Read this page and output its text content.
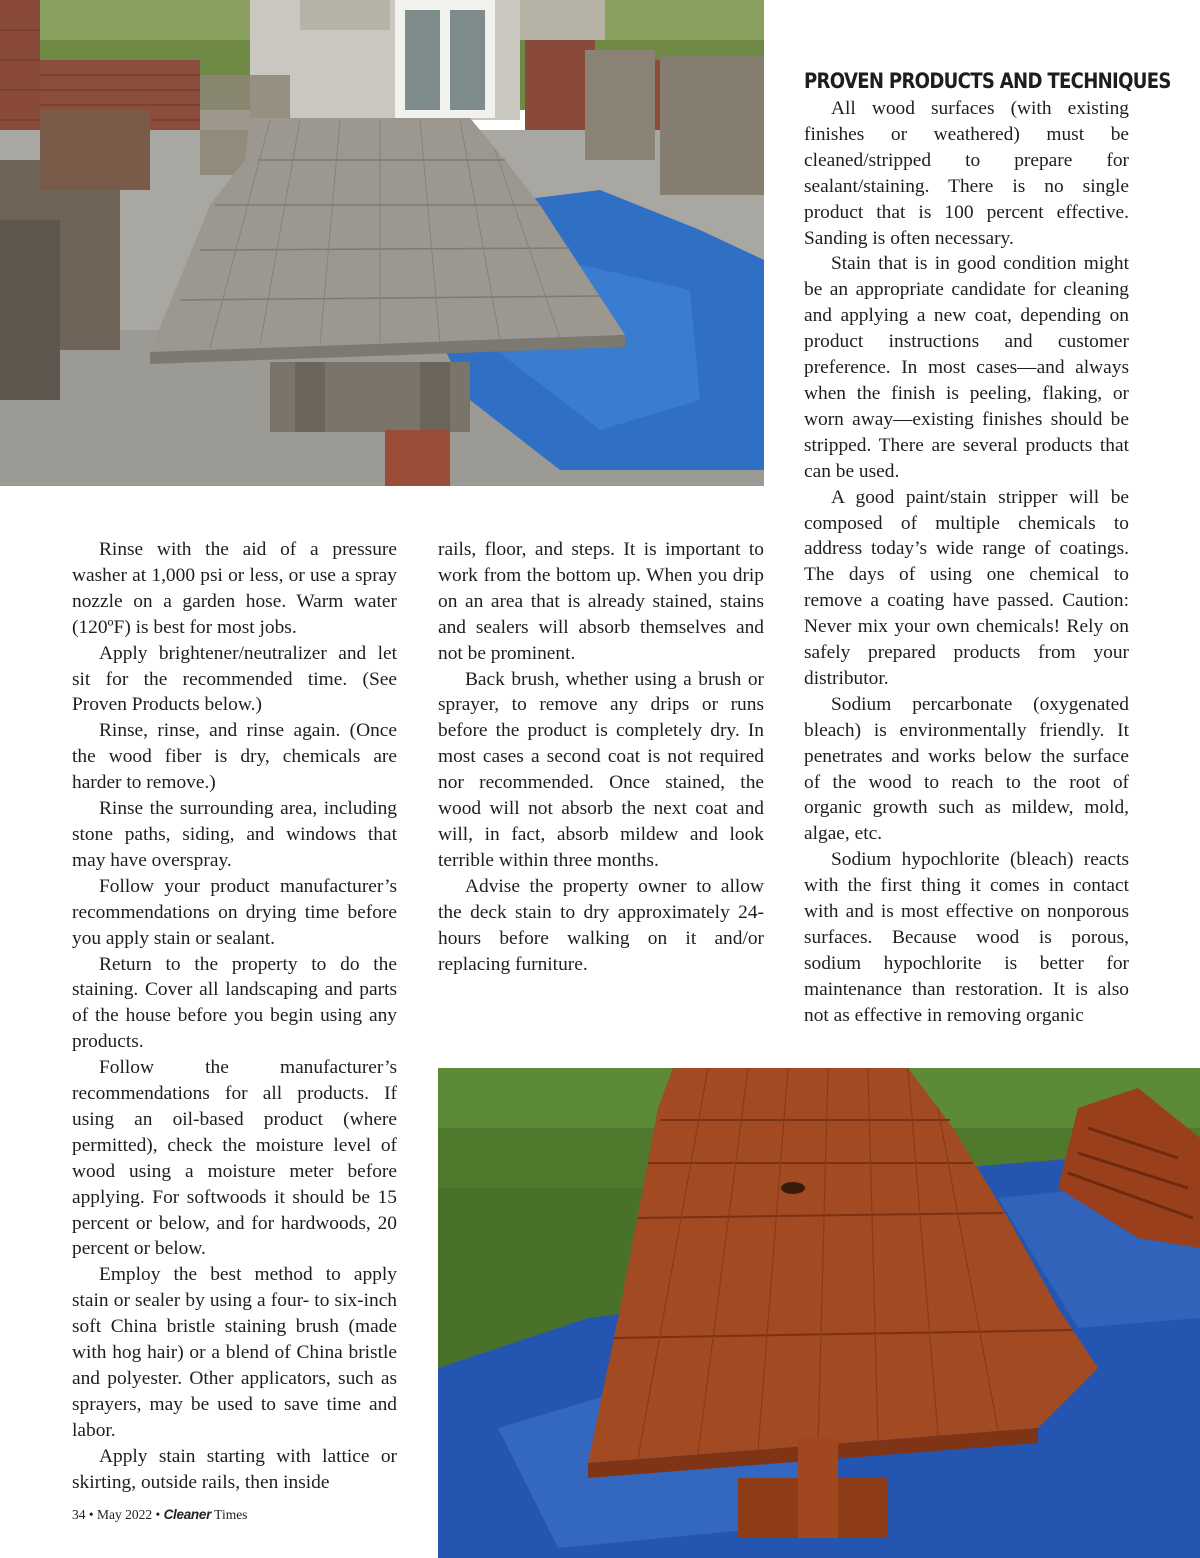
Rinse with the aid of a pressure washer at 1,000 psi or less, or use a spray nozzle on a garden hose. Warm water (120ºF) is best for most jobs.

Apply brightener/neutralizer and let sit for the recommended time. (See Proven Products below.)

Rinse, rinse, and rinse again. (Once the wood fiber is dry, chemicals are harder to remove.)

Rinse the surrounding area, including stone paths, siding, and windows that may have overspray.

Follow your product manufacturer’s recommendations on drying time before you apply stain or sealant.

Return to the property to do the staining. Cover all landscaping and parts of the house before you begin using any products.

Follow the manufacturer’s recommendations for all products. If using an oil-based product (where permitted), check the moisture level of wood using a moisture meter before applying. For softwoods it should be 15 percent or below, and for hardwoods, 20 percent or below.

Employ the best method to apply stain or sealer by using a four- to six-inch soft China bristle staining brush (made with hog hair) or a blend of China bristle and polyester. Other applicators, such as sprayers, may be used to save time and labor.

Apply stain starting with lattice or skirting, outside rails, then inside

rails, floor, and steps. It is important to work from the bottom up. When you drip on an area that is already stained, stains and sealers will absorb themselves and not be prominent.

Back brush, whether using a brush or sprayer, to remove any drips or runs before the product is completely dry. In most cases a second coat is not required nor recommended. Once stained, the wood will not absorb the next coat and will, in fact, absorb mildew and look terrible within three months.

Advise the property owner to allow the deck stain to dry approximately 24-hours before walking on it and/or replacing furniture.

PROVEN PRODUCTS AND TECHNIQUES

All wood surfaces (with existing finishes or weathered) must be cleaned/stripped to prepare for sealant/staining. There is no single product that is 100 percent effective. Sanding is often necessary.

Stain that is in good condition might be an appropriate candidate for cleaning and applying a new coat, depending on product instructions and customer preference. In most cases—and always when the finish is peeling, flaking, or worn away—existing finishes should be stripped. There are several products that can be used.

A good paint/stain stripper will be composed of multiple chemicals to address today’s wide range of coatings. The days of using one chemical to remove a coating have passed. Caution: Never mix your own chemicals! Rely on safely prepared products from your distributor.

Sodium percarbonate (oxygenated bleach) is environmentally friendly. It penetrates and works below the surface of the wood to reach to the root of organic growth such as mildew, mold, algae, etc.

Sodium hypochlorite (bleach) reacts with the first thing it comes in contact with and is most effective on nonporous surfaces. Because wood is porous, sodium hypochlorite is better for maintenance than restoration. It is also not as effective in removing organic

34 • May 2022 • Cleaner Times
